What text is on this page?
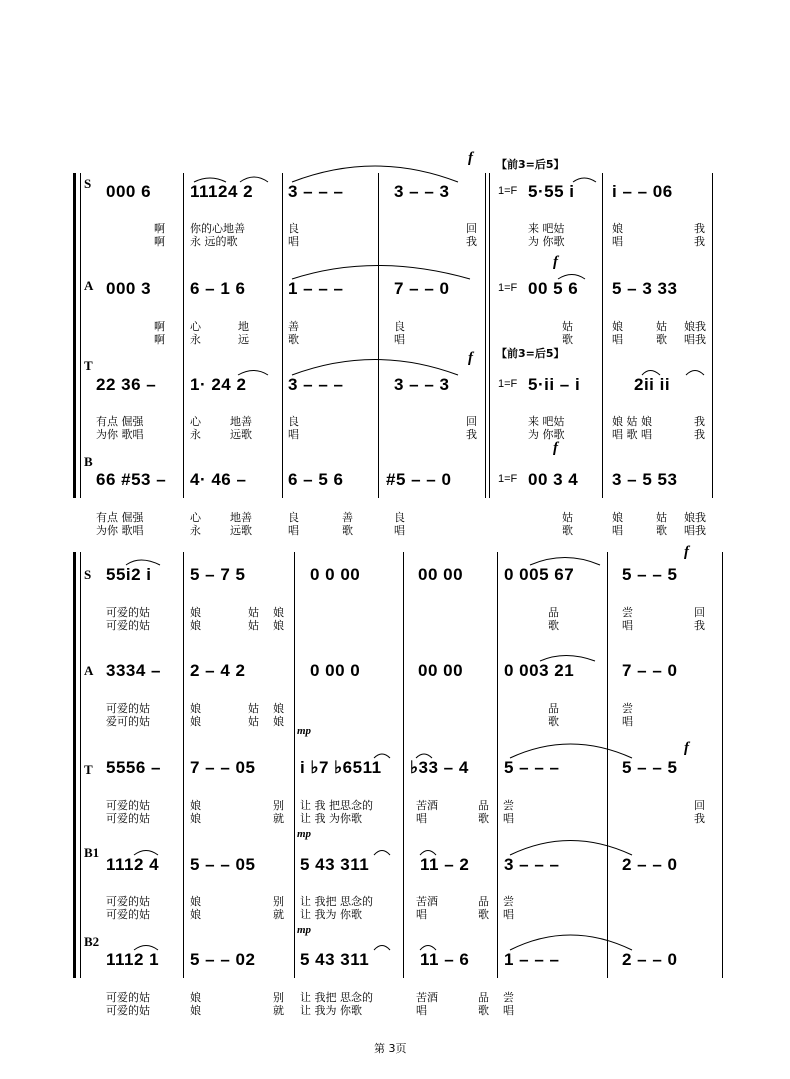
f 【前3=后5】
【前3=后5】
f
f
f
S 000 6 11124 2 3 – – –	3 – – 3	1=F 5·55 i i – – 06
啊 你的心地善	良	回	来 吧姑	娘	我
啊 永 远的歌	唱	我	为 你歌	唱	我
A 000 3 6 – 1 6	1 – – –	7 – – 0	1=F 00 5 6 5 – 3 33
啊 心	地	善	良	姑	娘	姑 娘我
啊 永	远	歌	唱	歌	唱	歌 唱我
T
22 36 – 1· 24 2 3 – – –	3 – – 3	1=F 5·ii – i	2ii ii
有点 倔强	心	地善	良	回	来 吧姑	娘 姑 娘	我
为你 歌唱	永	远歌	唱	我	为 你歌	唱 歌 唱	我
B
66 #53 – 4· 46 – 6 – 5 6	#5 – – 0	1=F 00 3 4 3 – 5 53
有点 倔强	心	地善	良	善	良	姑	娘	姑 娘我
为你 歌唱	永	远歌	唱	歌	唱	歌	唱	歌 唱我
f
f
mp
mp
mp
S 55i2 i 5 – 7 5	0 0 00	00 00 0 005 67	5 – – 5
可爱的姑	娘	姑 娘	品	尝	回
可爱的姑	娘	姑 娘	歌	唱	我
A 3334 – 2 – 4 2	0 00 0	00 00 0 003 21	7 – – 0
可爱的姑	娘	姑 娘	品	尝
爱可的姑	娘	姑 娘	歌	唱
T 5556 – 7 – – 05	i ♭7 ♭6511 ♭33 – 4 5 – – –	5 – – 5
可爱的姑	娘	别 让 我 把思念的	苦酒	品 尝	回
可爱的姑	娘	就 让 我 为你歌	唱	歌 唱	我
B1
1112 4 5 – – 05	5 43 311	11 – 2 3 – – –	2 – – 0
可爱的姑	娘	别 让 我把 思念的	苦酒	品 尝
可爱的姑	娘	就 让 我为 你歌	唱	歌 唱
B2
1112 1 5 – – 02	5 43 311	11 – 6 1 – – –	2 – – 0
可爱的姑	娘	别 让 我把 思念的	苦酒	品 尝
可爱的姑	娘	就 让 我为 你歌	唱	歌 唱
第 3页
